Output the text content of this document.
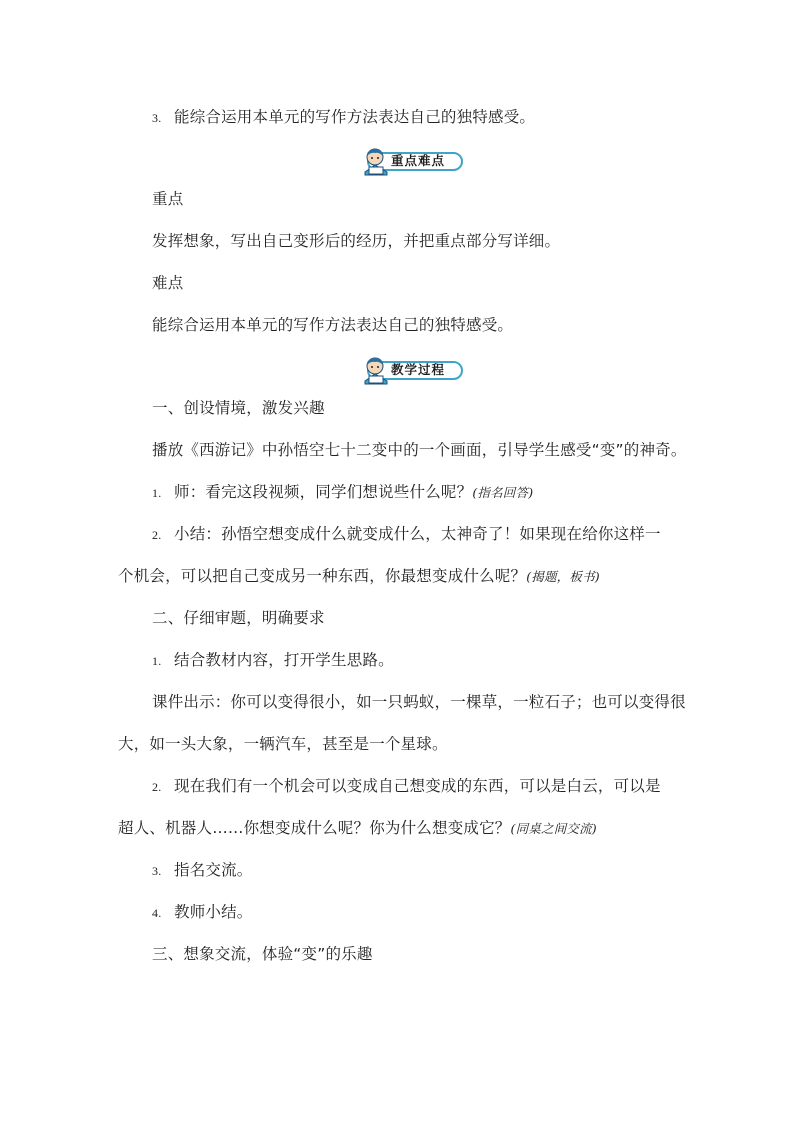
3. 能综合运用本单元的写作方法表达自己的独特感受。
重点难点
重点
发挥想象，写出自己变形后的经历，并把重点部分写详细。
难点
能综合运用本单元的写作方法表达自己的独特感受。
教学过程
一、创设情境，激发兴趣
播放《西游记》中孙悟空七十二变中的一个画面，引导学生感受“变”的神奇。
1. 师：看完这段视频，同学们想说些什么呢？(指名回答)
2. 小结：孙悟空想变成什么就变成什么，太神奇了！如果现在给你这样一
个机会，可以把自己变成另一种东西，你最想变成什么呢？(揭题，板书)
二、仔细审题，明确要求
1. 结合教材内容，打开学生思路。
课件出示：你可以变得很小，如一只蚂蚁，一棵草，一粒石子；也可以变得很
大，如一头大象，一辆汽车，甚至是一个星球。
2. 现在我们有一个机会可以变成自己想变成的东西，可以是白云，可以是
超人、机器人……你想变成什么呢？你为什么想变成它？(同桌之间交流)
3. 指名交流。
4. 教师小结。
三、想象交流，体验“变”的乐趣
